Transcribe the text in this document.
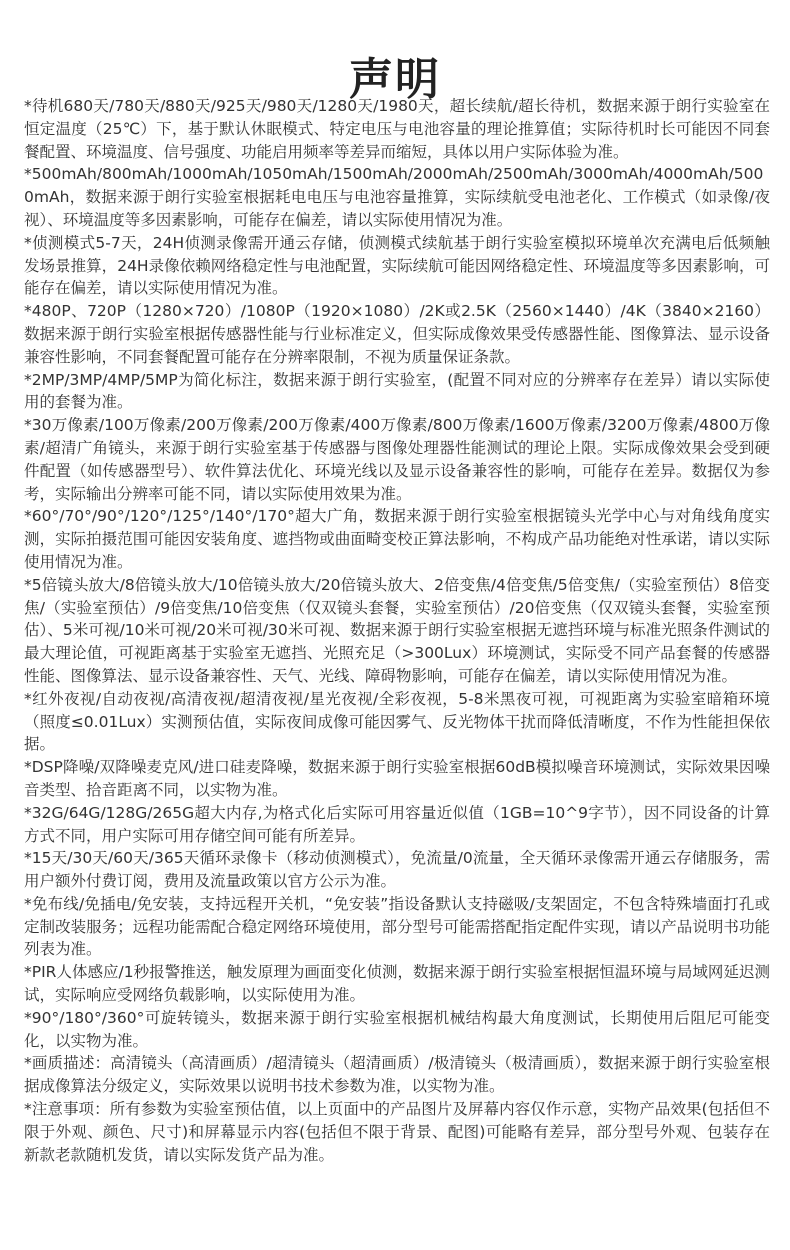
声明
*待机680天/780天/880天/925天/980天/1280天/1980天，超长续航/超长待机，数据来源于朗行实验室在恒定温度（25℃）下，基于默认休眠模式、特定电压与电池容量的理论推算值；实际待机时长可能因不同套餐配置、环境温度、信号强度、功能启用频率等差异而缩短，具体以用户实际体验为准。
*500mAh/800mAh/1000mAh/1050mAh/1500mAh/2000mAh/2500mAh/3000mAh/4000mAh/5000mAh，数据来源于朗行实验室根据耗电电压与电池容量推算，实际续航受电池老化、工作模式（如录像/夜视）、环境温度等多因素影响，可能存在偏差，请以实际使用情况为准。
*侦测模式5-7天，24H侦测录像需开通云存储，侦测模式续航基于朗行实验室模拟环境单次充满电后低频触发场景推算，24H录像依赖网络稳定性与电池配置，实际续航可能因网络稳定性、环境温度等多因素影响，可能存在偏差，请以实际使用情况为准。
*480P、720P（1280×720）/1080P（1920×1080）/2K或2.5K（2560×1440）/4K（3840×2160）数据来源于朗行实验室根据传感器性能与行业标准定义，但实际成像效果受传感器性能、图像算法、显示设备兼容性影响，不同套餐配置可能存在分辨率限制，不视为质量保证条款。
*2MP/3MP/4MP/5MP为简化标注，数据来源于朗行实验室，(配置不同对应的分辨率存在差异）请以实际使用的套餐为准。
*30万像素/100万像素/200万像素/200万像素/400万像素/800万像素/1600万像素/3200万像素/4800万像素/超清广角镜头，来源于朗行实验室基于传感器与图像处理器性能测试的理论上限。实际成像效果会受到硬件配置（如传感器型号）、软件算法优化、环境光线以及显示设备兼容性的影响，可能存在差异。数据仅为参考，实际输出分辨率可能不同，请以实际使用效果为准。
*60°/70°/90°/120°/125°/140°/170°超大广角，数据来源于朗行实验室根据镜头光学中心与对角线角度实测，实际拍摄范围可能因安装角度、遮挡物或曲面畸变校正算法影响，不构成产品功能绝对性承诺，请以实际使用情况为准。
*5倍镜头放大/8倍镜头放大/10倍镜头放大/20倍镜头放大、2倍变焦/4倍变焦/5倍变焦/（实验室预估）8倍变焦/（实验室预估）/9倍变焦/10倍变焦（仅双镜头套餐，实验室预估）/20倍变焦（仅双镜头套餐，实验室预估）、5米可视/10米可视/20米可视/30米可视、数据来源于朗行实验室根据无遮挡环境与标准光照条件测试的最大理论值，可视距离基于实验室无遮挡、光照充足（>300Lux）环境测试，实际受不同产品套餐的传感器性能、图像算法、显示设备兼容性、天气、光线、障碍物影响，可能存在偏差，请以实际使用情况为准。
*红外夜视/自动夜视/高清夜视/超清夜视/星光夜视/全彩夜视，5-8米黑夜可视，可视距离为实验室暗箱环境（照度≤0.01Lux）实测预估值，实际夜间成像可能因雾气、反光物体干扰而降低清晰度，不作为性能担保依据。
*DSP降噪/双降噪麦克风/进口硅麦降噪，数据来源于朗行实验室根据60dB模拟噪音环境测试，实际效果因噪音类型、拾音距离不同，以实物为准。
*32G/64G/128G/265G超大内存,为格式化后实际可用容量近似值（1GB=10^9字节），因不同设备的计算方式不同，用户实际可用存储空间可能有所差异。
*15天/30天/60天/365天循环录像卡（移动侦测模式），免流量/0流量，全天循环录像需开通云存储服务，需用户额外付费订阅，费用及流量政策以官方公示为准。
*免布线/免插电/免安装，支持远程开关机，“免安装”指设备默认支持磁吸/支架固定，不包含特殊墙面打孔或定制改装服务；远程功能需配合稳定网络环境使用，部分型号可能需搭配指定配件实现，请以产品说明书功能列表为准。
*PIR人体感应/1秒报警推送，触发原理为画面变化侦测，数据来源于朗行实验室根据恒温环境与局域网延迟测试，实际响应受网络负载影响，以实际使用为准。
*90°/180°/360°可旋转镜头，数据来源于朗行实验室根据机械结构最大角度测试，长期使用后阻尼可能变化，以实物为准。
*画质描述：高清镜头（高清画质）/超清镜头（超清画质）/极清镜头（极清画质），数据来源于朗行实验室根据成像算法分级定义，实际效果以说明书技术参数为准，以实物为准。
*注意事项：所有参数为实验室预估值，以上页面中的产品图片及屏幕内容仅作示意，实物产品效果(包括但不限于外观、颜色、尺寸)和屏幕显示内容(包括但不限于背景、配图)可能略有差异，部分型号外观、包装存在新款老款随机发货，请以实际发货产品为准。
